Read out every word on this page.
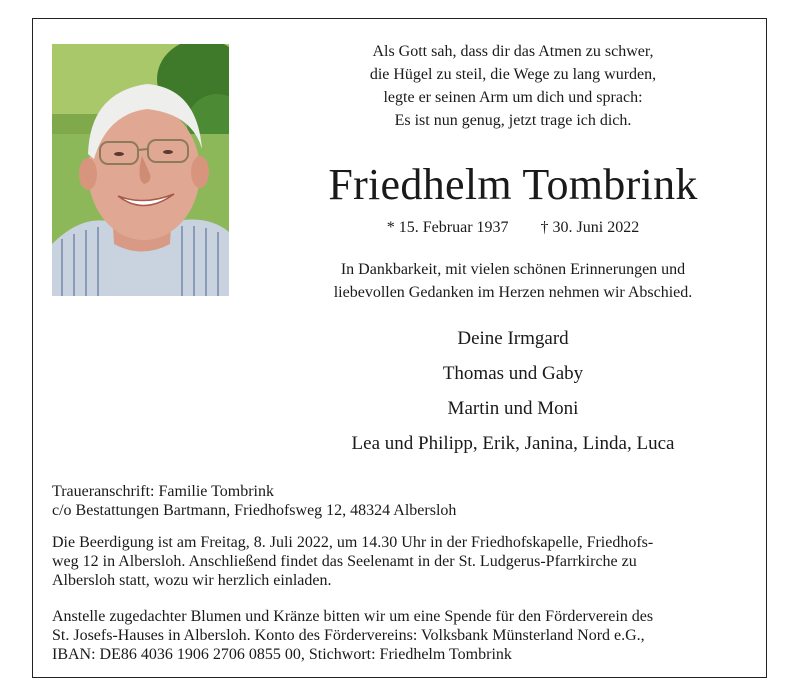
Als Gott sah, dass dir das Atmen zu schwer,
die Hügel zu steil, die Wege zu lang wurden,
legte er seinen Arm um dich und sprach:
Es ist nun genug, jetzt trage ich dich.
Friedhelm Tombrink
* 15. Februar 1937 † 30. Juni 2022
In Dankbarkeit, mit vielen schönen Erinnerungen und
liebevollen Gedanken im Herzen nehmen wir Abschied.
Deine Irmgard
Thomas und Gaby
Martin und Moni
Lea und Philipp, Erik, Janina, Linda, Luca

Traueranschrift: Familie Tombrink

c/o Bestattungen Bartmann, Friedhofsweg 12, 48324 Albersloh

Die Beerdigung ist am Freitag, 8. Juli 2022, um 14.30 Uhr in der Friedhofskapelle, Friedhofs-

weg 12 in Albersloh. Anschließend findet das Seelenamt in der St. Ludgerus-Pfarrkirche zu

Albersloh statt, wozu wir herzlich einladen.

Anstelle zugedachter Blumen und Kränze bitten wir um eine Spende für den Förderverein des

St. Josefs-Hauses in Albersloh. Konto des Fördervereins: Volksbank Münsterland Nord e.G.,

IBAN: DE86 4036 1906 2706 0855 00, Stichwort: Friedhelm Tombrink
